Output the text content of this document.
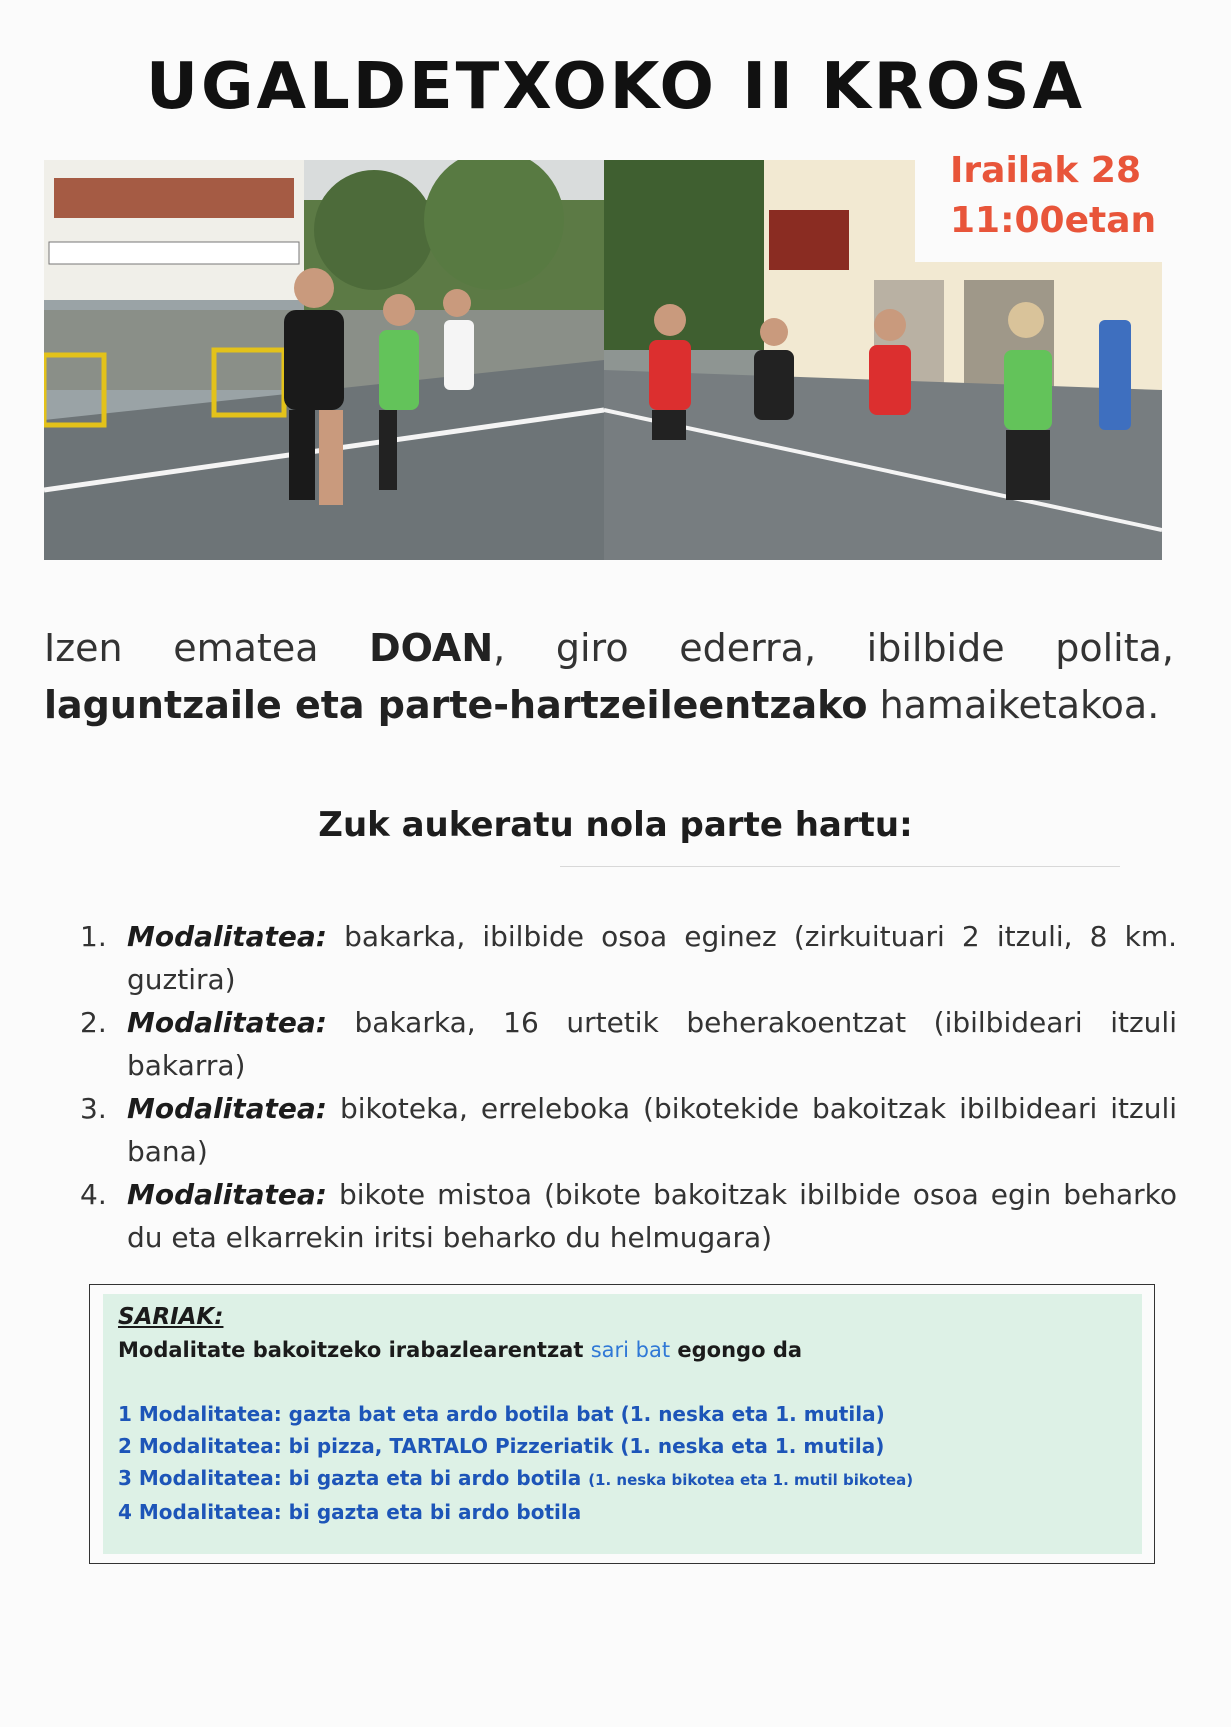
UGALDETXOKO II KROSA
Irailak 28
11:00etan
Izen ematea DOAN, giro ederra, ibilbide polita, laguntzaile eta parte-hartzeileentzako hamaiketakoa.
Zuk aukeratu nola parte hartu:
1. Modalitatea: bakarka, ibilbide osoa eginez (zirkuituari 2 itzuli, 8 km. guztira)
2. Modalitatea: bakarka, 16 urtetik beherakoentzat (ibilbideari itzuli bakarra)
3. Modalitatea: bikoteka, erreleboka (bikotekide bakoitzak ibilbideari itzuli bana)
4. Modalitatea: bikote mistoa (bikote bakoitzak ibilbide osoa egin beharko du eta elkarrekin iritsi beharko du helmugara)
SARIAK:
Modalitate bakoitzeko irabazlearentzat sari bat egongo da
1 Modalitatea: gazta bat eta ardo botila bat (1. neska eta 1. mutila)
2 Modalitatea: bi pizza, TARTALO Pizzeriatik (1. neska eta 1. mutila)
3 Modalitatea: bi gazta eta bi ardo botila (1. neska bikotea eta 1. mutil bikotea)
4 Modalitatea: bi gazta eta bi ardo botila
